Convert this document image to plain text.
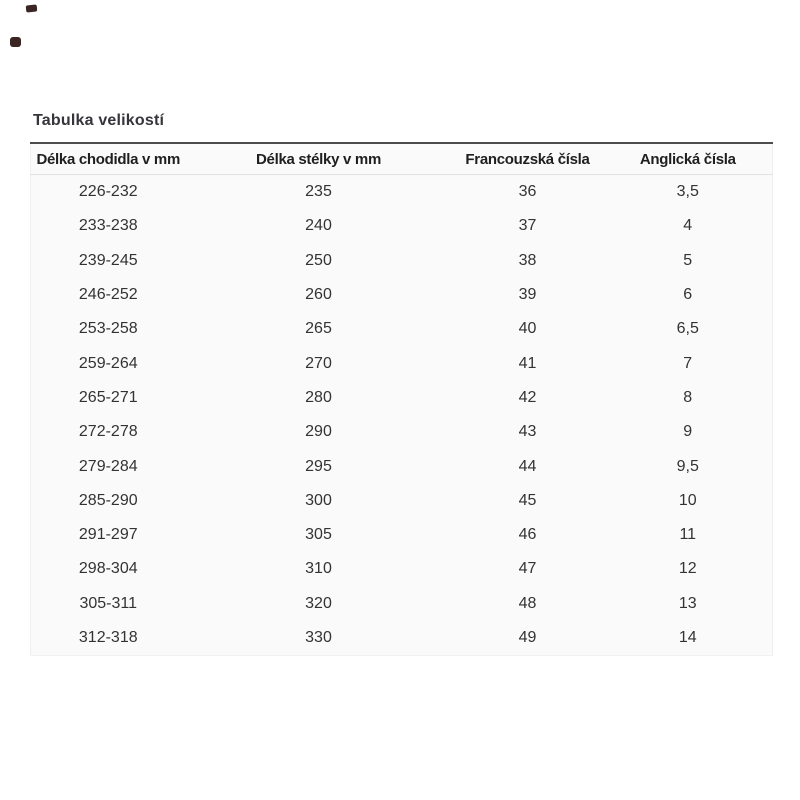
Tabulka velikostí
Délka chodidla v mm	Délka stélky v mm	Francouzská čísla	Anglická čísla
226-232	235	36	3,5
233-238	240	37	4
239-245	250	38	5
246-252	260	39	6
253-258	265	40	6,5
259-264	270	41	7
265-271	280	42	8
272-278	290	43	9
279-284	295	44	9,5
285-290	300	45	10
291-297	305	46	11
298-304	310	47	12
305-311	320	48	13
312-318	330	49	14
